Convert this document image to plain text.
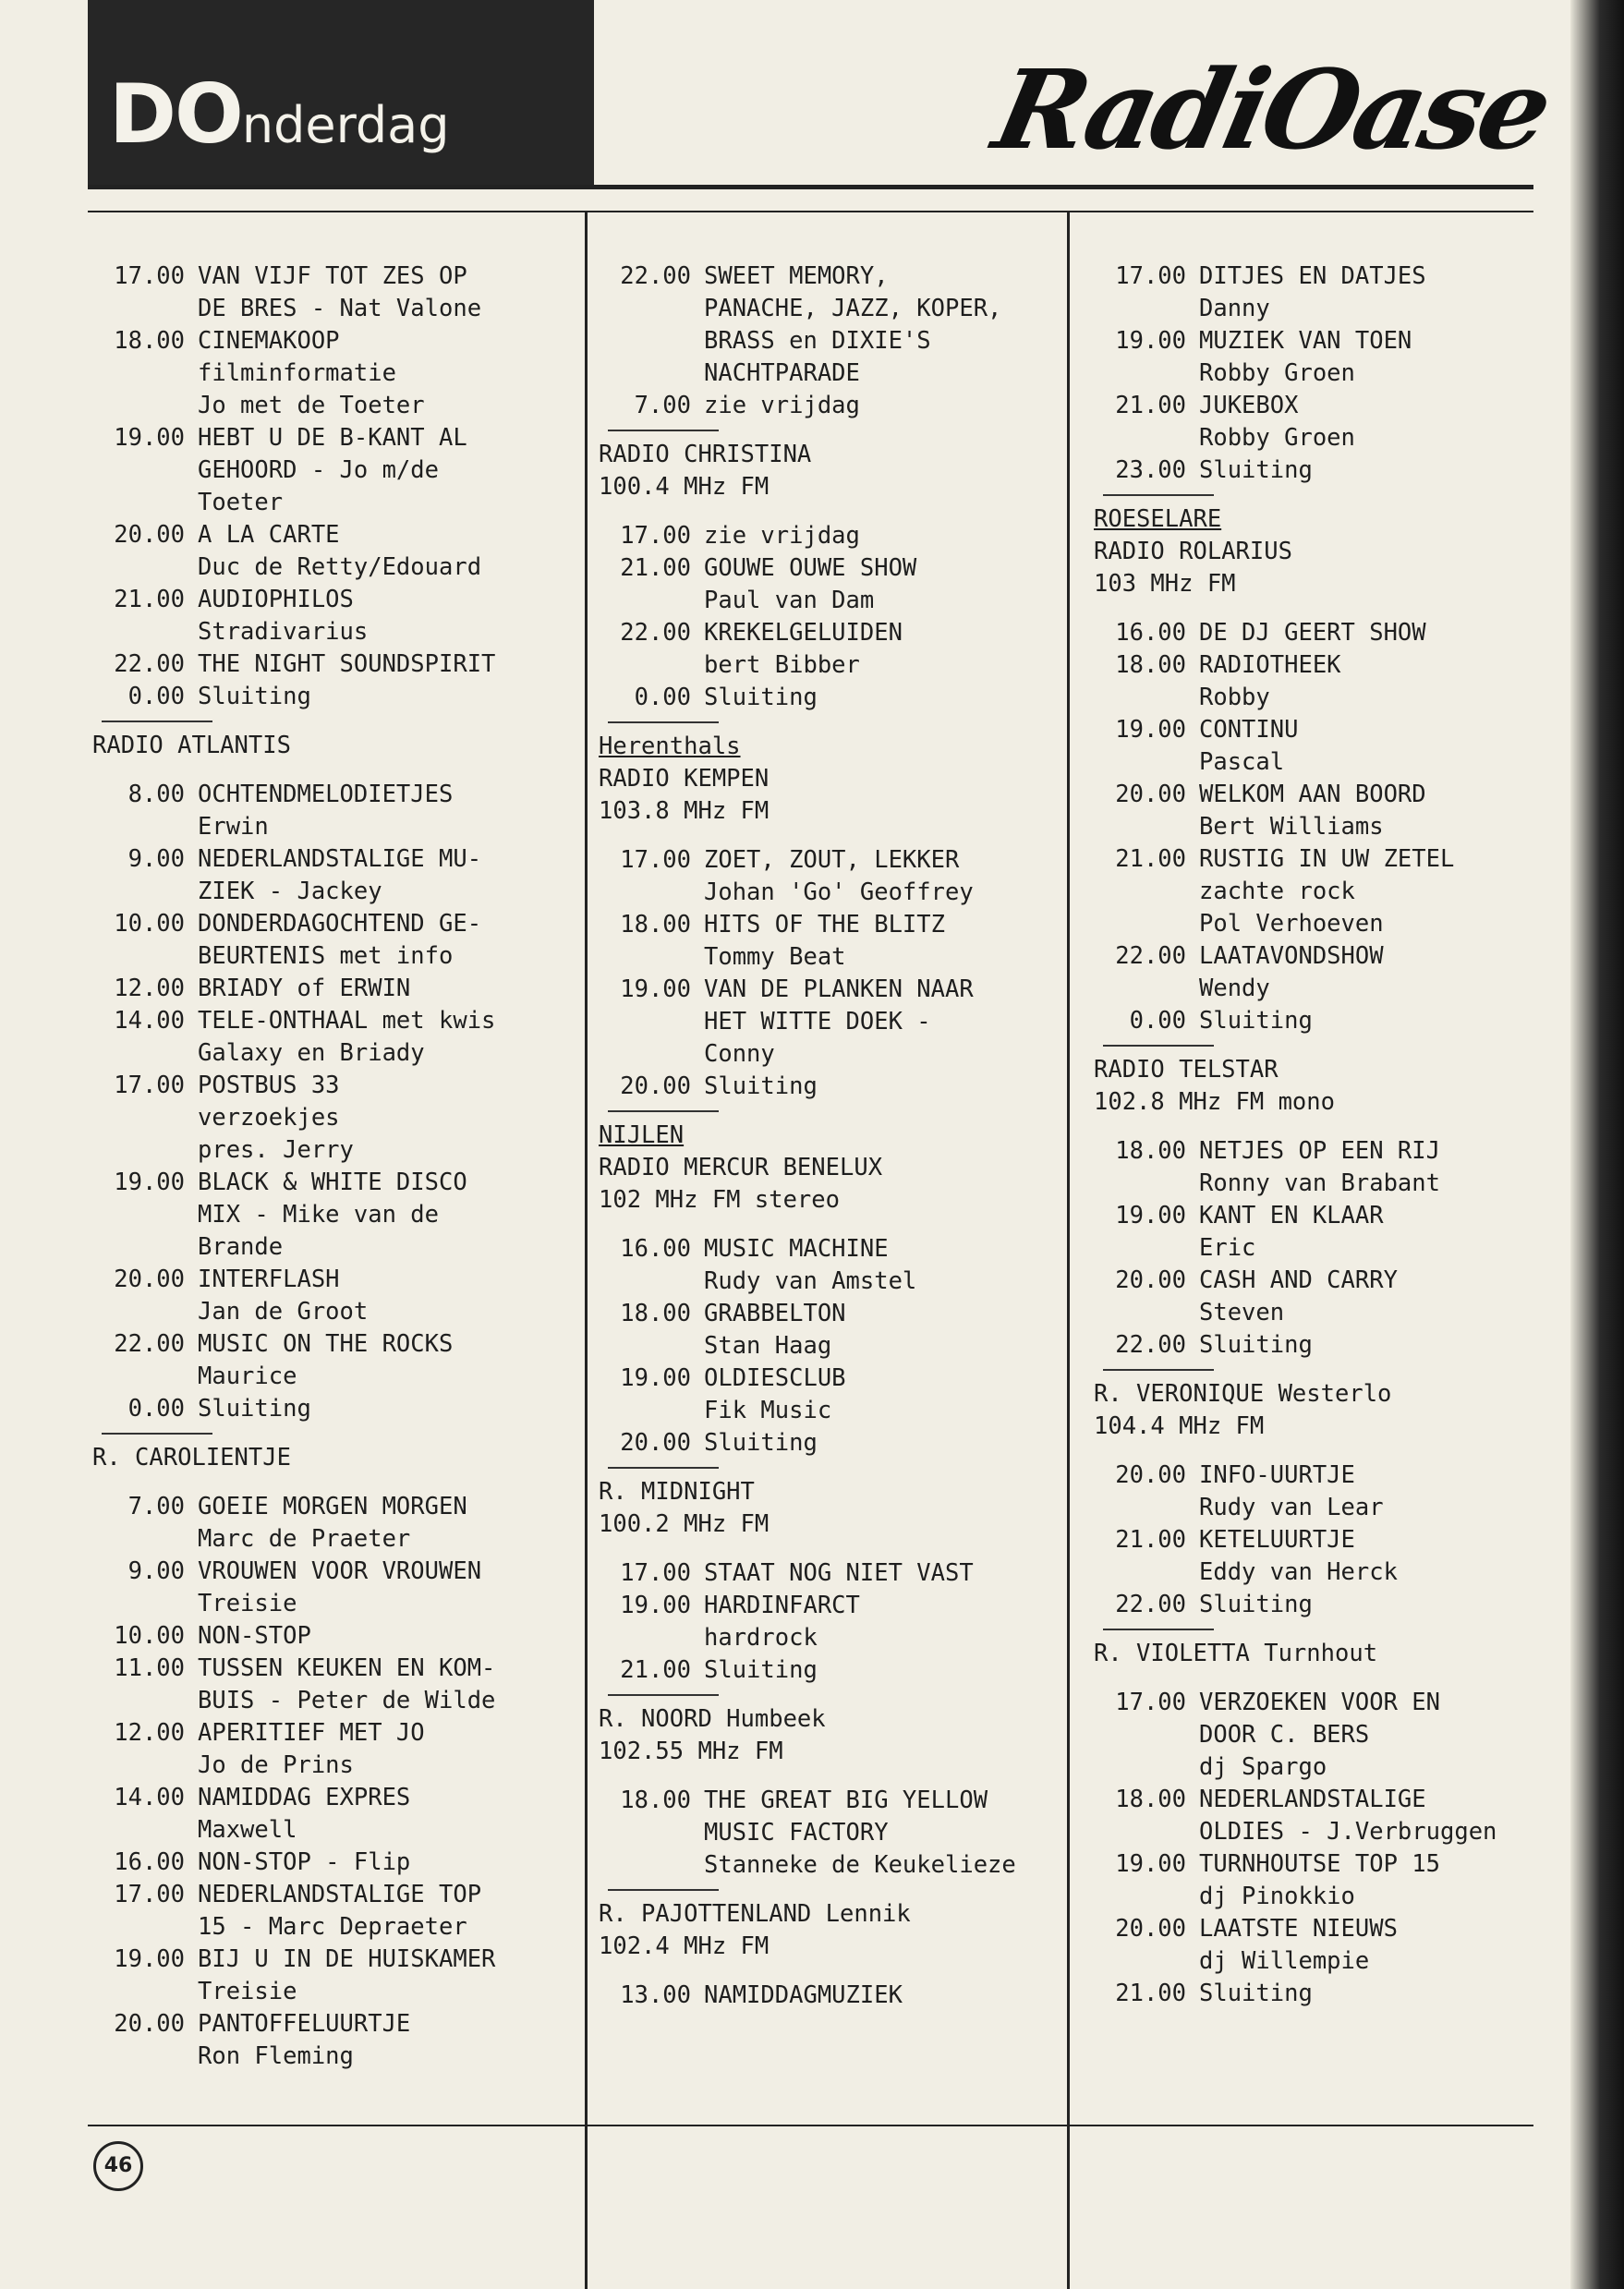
DOnderdag	RadiOase
17.00 VAN VIJF TOT ZES OP
DE BRES - Nat Valone
18.00 CINEMAKOOP
filminformatie
Jo met de Toeter
19.00 HEBT U DE B-KANT AL
GEHOORD - Jo m/de
Toeter
20.00 A LA CARTE
Duc de Retty/Edouard
21.00 AUDIOPHILOS
Stradivarius
22.00 THE NIGHT SOUNDSPIRIT
0.00 Sluiting
RADIO ATLANTIS
8.00 OCHTENDMELODIETJES
Erwin
9.00 NEDERLANDSTALIGE MU-
ZIEK - Jackey
10.00 DONDERDAGOCHTEND GE-
BEURTENIS met info
12.00 BRIADY of ERWIN
14.00 TELE-ONTHAAL met kwis
Galaxy en Briady
17.00 POSTBUS 33
verzoekjes
pres. Jerry
19.00 BLACK & WHITE DISCO
MIX - Mike van de
Brande
20.00 INTERFLASH
Jan de Groot
22.00 MUSIC ON THE ROCKS
Maurice
0.00 Sluiting
R. CAROLIENTJE
7.00 GOEIE MORGEN MORGEN
Marc de Praeter
9.00 VROUWEN VOOR VROUWEN
Treisie
10.00 NON-STOP
11.00 TUSSEN KEUKEN EN KOM-
BUIS - Peter de Wilde
12.00 APERITIEF MET JO
Jo de Prins
14.00 NAMIDDAG EXPRES
Maxwell
16.00 NON-STOP - Flip
17.00 NEDERLANDSTALIGE TOP
15 - Marc Depraeter
19.00 BIJ U IN DE HUISKAMER
Treisie
20.00 PANTOFFELUURTJE
Ron Fleming
22.00 SWEET MEMORY,
PANACHE, JAZZ, KOPER,
BRASS en DIXIE'S
NACHTPARADE
7.00 zie vrijdag
RADIO CHRISTINA
100.4 MHz FM
17.00 zie vrijdag
21.00 GOUWE OUWE SHOW
Paul van Dam
22.00 KREKELGELUIDEN
bert Bibber
0.00 Sluiting
Herenthals
RADIO KEMPEN
103.8 MHz FM
17.00 ZOET, ZOUT, LEKKER
Johan 'Go' Geoffrey
18.00 HITS OF THE BLITZ
Tommy Beat
19.00 VAN DE PLANKEN NAAR
HET WITTE DOEK -
Conny
20.00 Sluiting
NIJLEN
RADIO MERCUR BENELUX
102 MHz FM stereo
16.00 MUSIC MACHINE
Rudy van Amstel
18.00 GRABBELTON
Stan Haag
19.00 OLDIESCLUB
Fik Music
20.00 Sluiting
R. MIDNIGHT
100.2 MHz FM
17.00 STAAT NOG NIET VAST
19.00 HARDINFARCT
hardrock
21.00 Sluiting
R. NOORD Humbeek
102.55 MHz FM
18.00 THE GREAT BIG YELLOW
MUSIC FACTORY
Stanneke de Keukelieze
R. PAJOTTENLAND Lennik
102.4 MHz FM
13.00 NAMIDDAGMUZIEK
17.00 DITJES EN DATJES
Danny
19.00 MUZIEK VAN TOEN
Robby Groen
21.00 JUKEBOX
Robby Groen
23.00 Sluiting
ROESELARE
RADIO ROLARIUS
103 MHz FM
16.00 DE DJ GEERT SHOW
18.00 RADIOTHEEK
Robby
19.00 CONTINU
Pascal
20.00 WELKOM AAN BOORD
Bert Williams
21.00 RUSTIG IN UW ZETEL
zachte rock
Pol Verhoeven
22.00 LAATAVONDSHOW
Wendy
0.00 Sluiting
RADIO TELSTAR
102.8 MHz FM mono
18.00 NETJES OP EEN RIJ
Ronny van Brabant
19.00 KANT EN KLAAR
Eric
20.00 CASH AND CARRY
Steven
22.00 Sluiting
R. VERONIQUE Westerlo
104.4 MHz FM
20.00 INFO-UURTJE
Rudy van Lear
21.00 KETELUURTJE
Eddy van Herck
22.00 Sluiting
R. VIOLETTA Turnhout
17.00 VERZOEKEN VOOR EN
DOOR C. BERS
dj Spargo
18.00 NEDERLANDSTALIGE
OLDIES - J.Verbruggen
19.00 TURNHOUTSE TOP 15
dj Pinokkio
20.00 LAATSTE NIEUWS
dj Willempie
21.00 Sluiting
46
